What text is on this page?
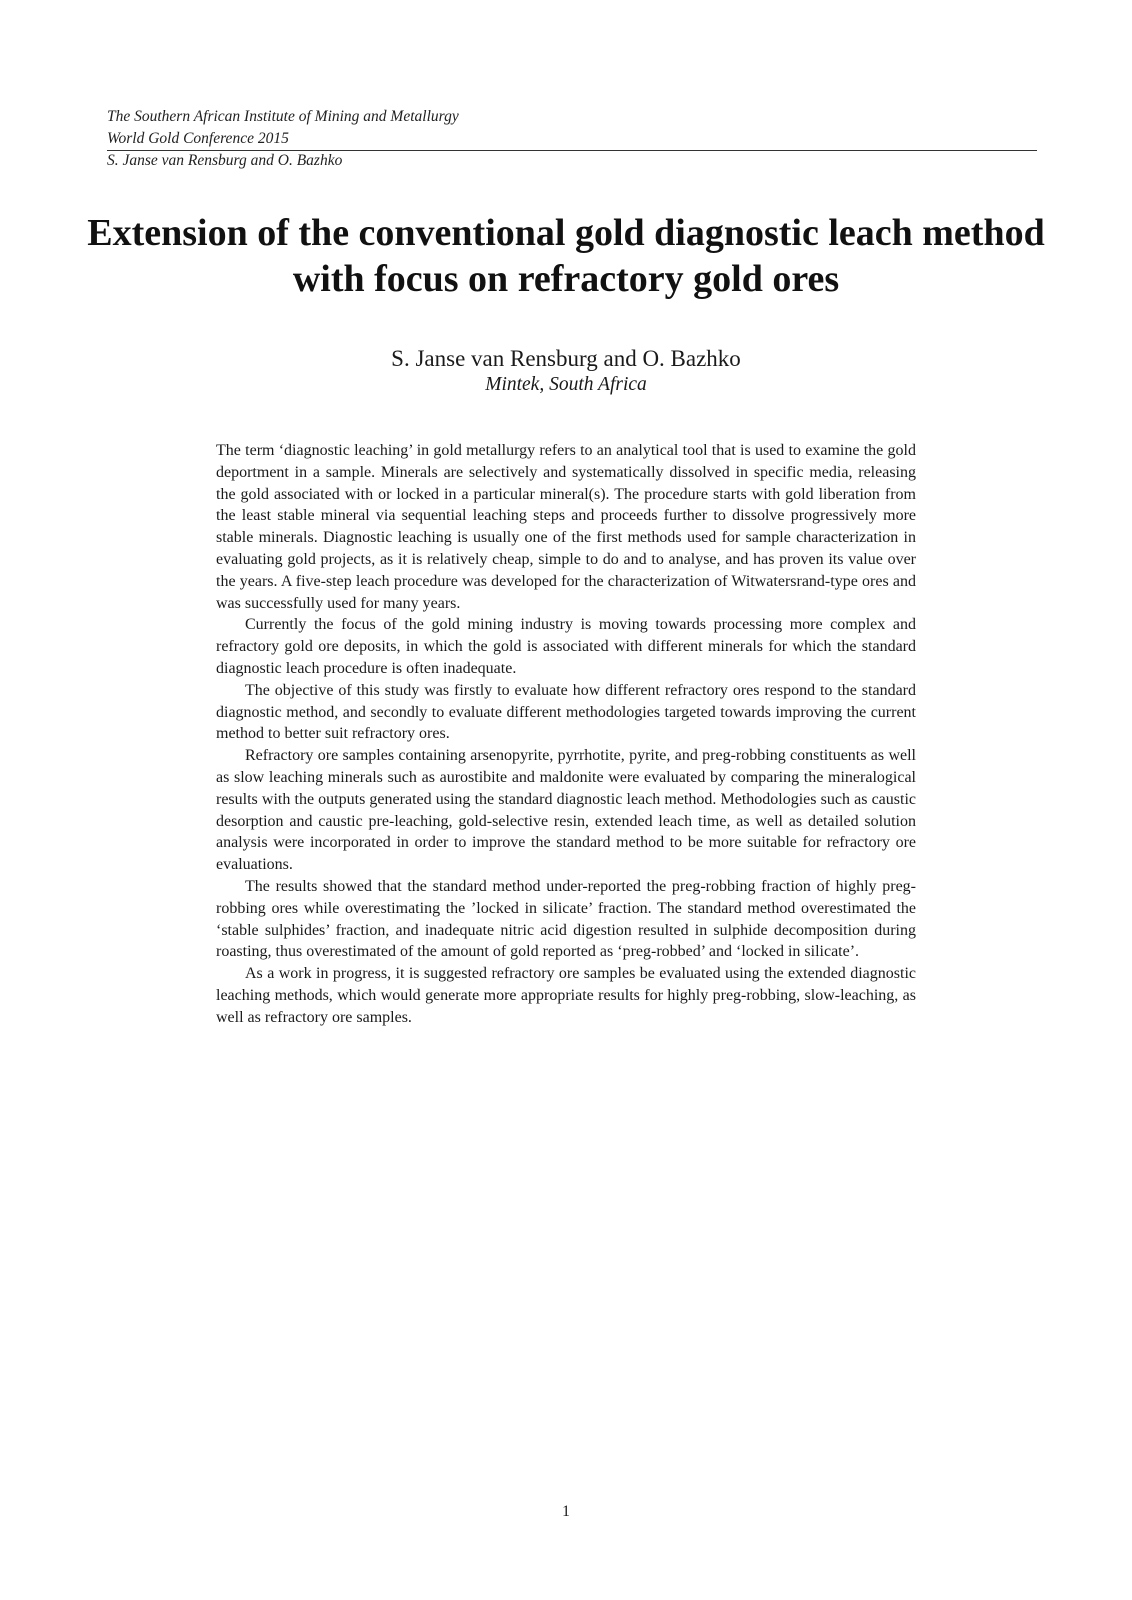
The Southern African Institute of Mining and Metallurgy
World Gold Conference 2015
S. Janse van Rensburg and O. Bazhko
Extension of the conventional gold diagnostic leach method with focus on refractory gold ores
S. Janse van Rensburg and O. Bazhko
Mintek, South Africa

The term ‘diagnostic leaching’ in gold metallurgy refers to an analytical tool that is used to examine the gold deportment in a sample. Minerals are selectively and systematically dissolved in specific media, releasing the gold associated with or locked in a particular mineral(s). The procedure starts with gold liberation from the least stable mineral via sequential leaching steps and proceeds further to dissolve progressively more stable minerals. Diagnostic leaching is usually one of the first methods used for sample characterization in evaluating gold projects, as it is relatively cheap, simple to do and to analyse, and has proven its value over the years. A five-step leach procedure was developed for the characterization of Witwatersrand-type ores and was successfully used for many years.

Currently the focus of the gold mining industry is moving towards processing more complex and refractory gold ore deposits, in which the gold is associated with different minerals for which the standard diagnostic leach procedure is often inadequate.

The objective of this study was firstly to evaluate how different refractory ores respond to the standard diagnostic method, and secondly to evaluate different methodologies targeted towards improving the current method to better suit refractory ores.

Refractory ore samples containing arsenopyrite, pyrrhotite, pyrite, and preg-robbing constituents as well as slow leaching minerals such as aurostibite and maldonite were evaluated by comparing the mineralogical results with the outputs generated using the standard diagnostic leach method. Methodologies such as caustic desorption and caustic pre-leaching, gold-selective resin, extended leach time, as well as detailed solution analysis were incorporated in order to improve the standard method to be more suitable for refractory ore evaluations.

The results showed that the standard method under-reported the preg-robbing fraction of highly preg-robbing ores while overestimating the ’locked in silicate’ fraction. The standard method overestimated the ‘stable sulphides’ fraction, and inadequate nitric acid digestion resulted in sulphide decomposition during roasting, thus overestimated of the amount of gold reported as ‘preg-robbed’ and ‘locked in silicate’.

As a work in progress, it is suggested refractory ore samples be evaluated using the extended diagnostic leaching methods, which would generate more appropriate results for highly preg-robbing, slow-leaching, as well as refractory ore samples.

1
